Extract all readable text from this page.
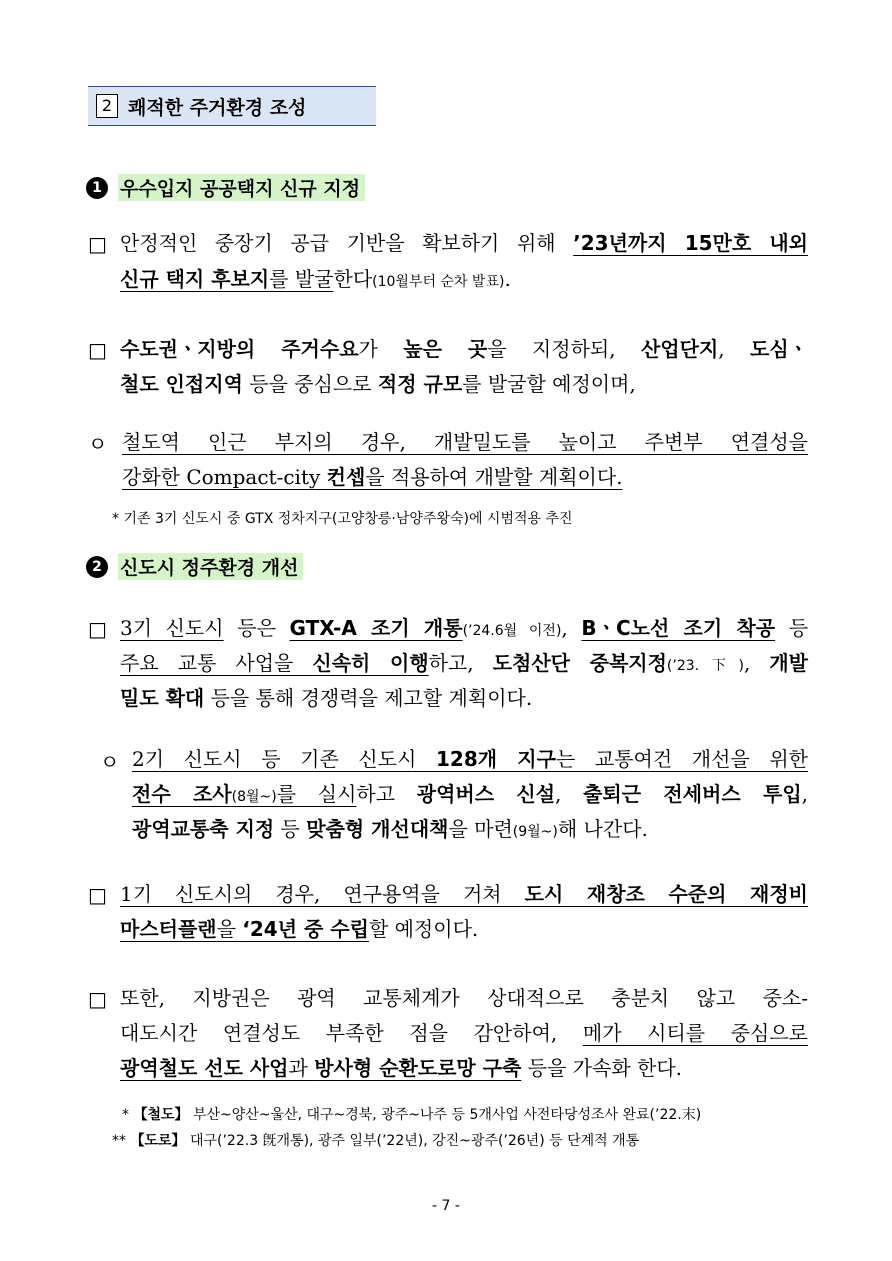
2 쾌적한 주거환경 조성
1 우수입지 공공택지 신규 지정
□ 안정적인 중장기 공급 기반을 확보하기 위해 ’23년까지 15만호 내외
신규 택지 후보지를 발굴한다(10월부터 순차 발표).
□ 수도권ㆍ지방의 주거수요가 높은 곳을 지정하되, 산업단지, 도심ㆍ
철도 인접지역 등을 중심으로 적정 규모를 발굴할 예정이며,
ㅇ 철도역 인근 부지의 경우, 개발밀도를 높이고 주변부 연결성을
강화한 Compact-city 컨셉을 적용하여 개발할 계획이다.
* 기존 3기 신도시 중 GTX 정차지구(고양창릉·남양주왕숙)에 시범적용 추진
2 신도시 정주환경 개선
□ 3기 신도시 등은 GTX-A 조기 개통(’24.6월 이전), BㆍC노선 조기 착공 등
주요 교통 사업을 신속히 이행하고, 도첨산단 중복지정(’23.下), 개발
밀도 확대 등을 통해 경쟁력을 제고할 계획이다.
ㅇ 2기 신도시 등 기존 신도시 128개 지구는 교통여건 개선을 위한
전수 조사(8월~)를 실시하고 광역버스 신설, 출퇴근 전세버스 투입,
광역교통축 지정 등 맞춤형 개선대책을 마련(9월~)해 나간다.
□ 1기 신도시의 경우, 연구용역을 거쳐 도시 재창조 수준의 재정비
마스터플랜을 ‘24년 중 수립할 예정이다.
□ 또한, 지방권은 광역 교통체계가 상대적으로 충분치 않고 중소-
대도시간 연결성도 부족한 점을 감안하여, 메가 시티를 중심으로
광역철도 선도 사업과 방사형 순환도로망 구축 등을 가속화 한다.
* 【철도】 부산~양산~울산, 대구~경북, 광주~나주 등 5개사업 사전타당성조사 완료(’22.末)
** 【도로】 대구(’22.3 旣개통), 광주 일부(’22년), 강진~광주(’26년) 등 단계적 개통
- 7 -
